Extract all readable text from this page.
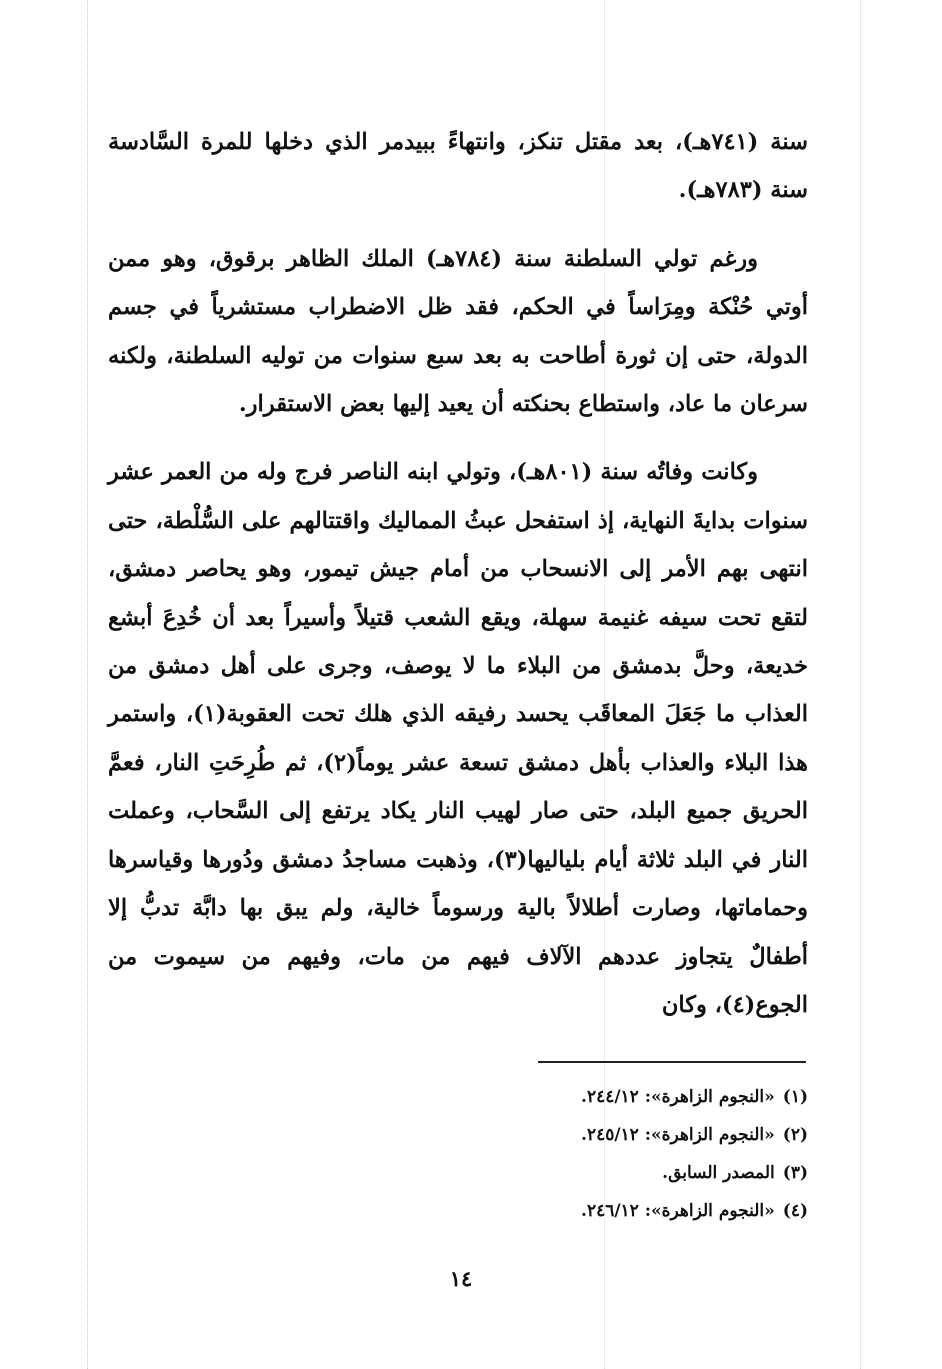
سنة (٧٤١هـ)، بعد مقتل تنكز، وانتهاءً ببيدمر الذي دخلها للمرة السَّادسة سنة (٧٨٣هـ).

ورغم تولي السلطنة سنة (٧٨٤هـ) الملك الظاهر برقوق، وهو ممن أوتي حُنْكة ومِرَاساً في الحكم، فقد ظل الاضطراب مستشرياً في جسم الدولة، حتى إن ثورة أطاحت به بعد سبع سنوات من توليه السلطنة، ولكنه سرعان ما عاد، واستطاع بحنكته أن يعيد إليها بعض الاستقرار.

وكانت وفاتُه سنة (٨٠١هـ)، وتولي ابنه الناصر فرج وله من العمر عشر سنوات بدايةَ النهاية، إذ استفحل عبثُ المماليك واقتتالهم على السُّلْطة، حتى انتهى بهم الأمر إلى الانسحاب من أمام جيش تيمور، وهو يحاصر دمشق، لتقع تحت سيفه غنيمة سهلة، ويقع الشعب قتيلاً وأسيراً بعد أن خُدِعَ أبشع خديعة، وحلَّ بدمشق من البلاء ما لا يوصف، وجرى على أهل دمشق من العذاب ما جَعَلَ المعاقَب يحسد رفيقه الذي هلك تحت العقوبة(١)، واستمر هذا البلاء والعذاب بأهل دمشق تسعة عشر يوماً(٢)، ثم طُرِحَتِ النار، فعمَّ الحريق جميع البلد، حتى صار لهيب النار يكاد يرتفع إلى السَّحاب، وعملت النار في البلد ثلاثة أيام بلياليها(٣)، وذهبت مساجدُ دمشق ودُورها وقياسرها وحماماتها، وصارت أطلالاً بالية ورسوماً خالية، ولم يبق بها دابَّة تدبُّ إلا أطفالٌ يتجاوز عددهم الآلاف فيهم من مات، وفيهم من سيموت من الجوع(٤)، وكان

(١)«النجوم الزاهرة»: ٢٤٤/١٢.
(٢)«النجوم الزاهرة»: ٢٤٥/١٢.
(٣)المصدر السابق.
(٤)«النجوم الزاهرة»: ٢٤٦/١٢.
١٤
